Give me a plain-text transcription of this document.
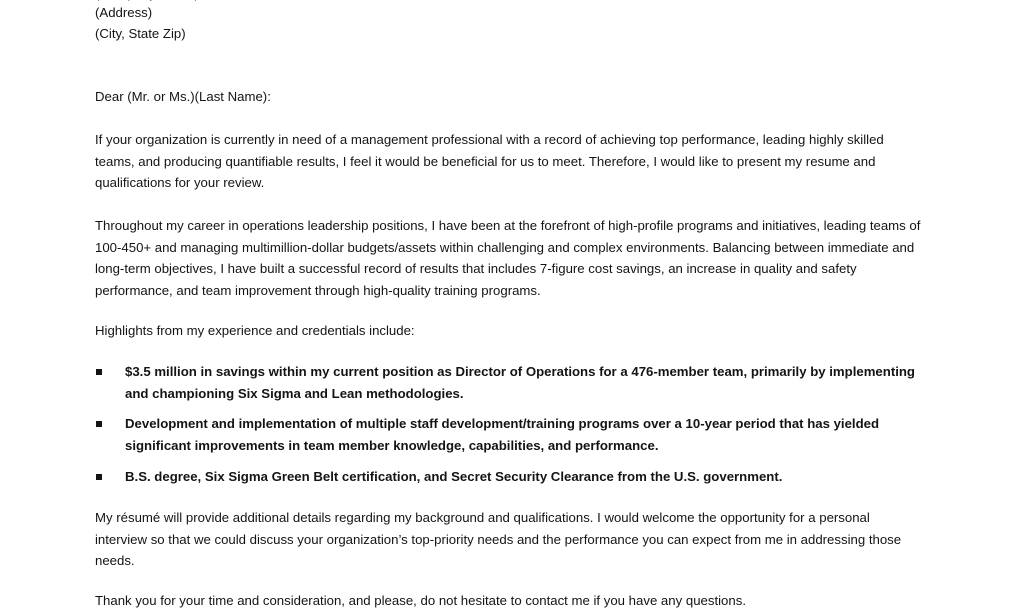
(Address)
(City, State Zip)
Dear (Mr. or Ms.)(Last Name):

If your organization is currently in need of a management professional with a record of achieving top performance, leading highly skilled teams, and producing quantifiable results, I feel it would be beneficial for us to meet. Therefore, I would like to present my resume and qualifications for your review.

Throughout my career in operations leadership positions, I have been at the forefront of high-profile programs and initiatives, leading teams of 100-450+ and managing multimillion-dollar budgets/assets within challenging and complex environments. Balancing between immediate and long-term objectives, I have built a successful record of results that includes 7-figure cost savings, an increase in quality and safety performance, and team improvement through high-quality training programs.

Highlights from my experience and credentials include:

$3.5 million in savings within my current position as Director of Operations for a 476-member team, primarily by implementing and championing Six Sigma and Lean methodologies.
Development and implementation of multiple staff development/training programs over a 10-year period that has yielded significant improvements in team member knowledge, capabilities, and performance.
B.S. degree, Six Sigma Green Belt certification, and Secret Security Clearance from the U.S. government.

My résumé will provide additional details regarding my background and qualifications. I would welcome the opportunity for a personal interview so that we could discuss your organization’s top-priority needs and the performance you can expect from me in addressing those needs.

Thank you for your time and consideration, and please, do not hesitate to contact me if you have any questions.
